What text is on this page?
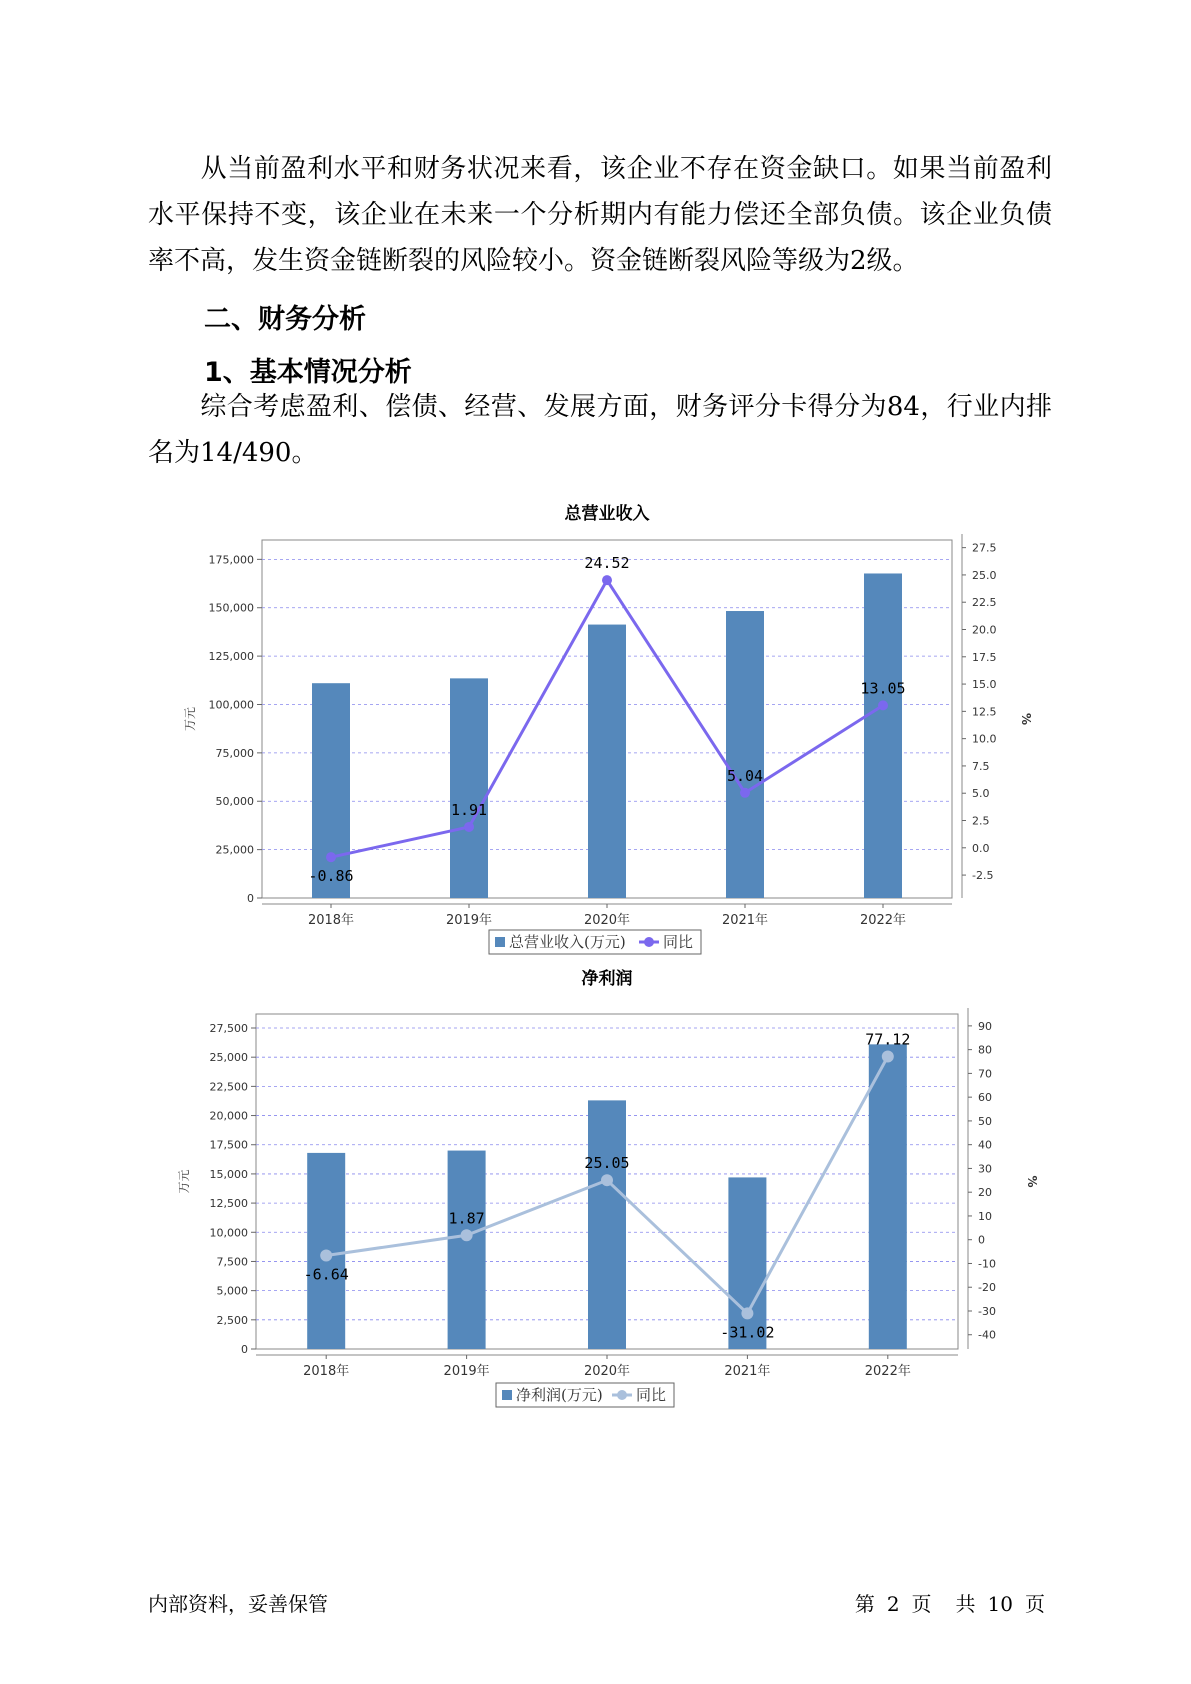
从当前盈利水平和财务状况来看，该企业不存在资金缺口。如果当前盈利水平保持不变，该企业在未来一个分析期内有能力偿还全部负债。该企业负债率不高，发生资金链断裂的风险较小。资金链断裂风险等级为2级。

二、财务分析
1、基本情况分析

综合考虑盈利、偿债、经营、发展方面，财务评分卡得分为84，行业内排名为14/490。

总营业收入
0
25,000
50,000
75,000
100,000
125,000
150,000
175,000
万元
-2.5
0.0
2.5
5.0
7.5
10.0
12.5
15.0
17.5
20.0
22.5
25.0
27.5
%
2018年	2019年	2020年	2021年	2022年
-0.86
1.91
24.52
5.04
13.05
总营业收入(万元) 同比
净利润
0
2,500
5,000
7,500
10,000
12,500
15,000
17,500
20,000
22,500
25,000
27,500
万元
-40
-30
-20
-10
0
10
20
30
40
50
60
70
80
90
%
2018年	2019年	2020年	2021年	2022年
-6.64
1.87
25.05
-31.02
77.12
净利润(万元) 同比
内部资料，妥善保管	第 2 页 共 10 页
